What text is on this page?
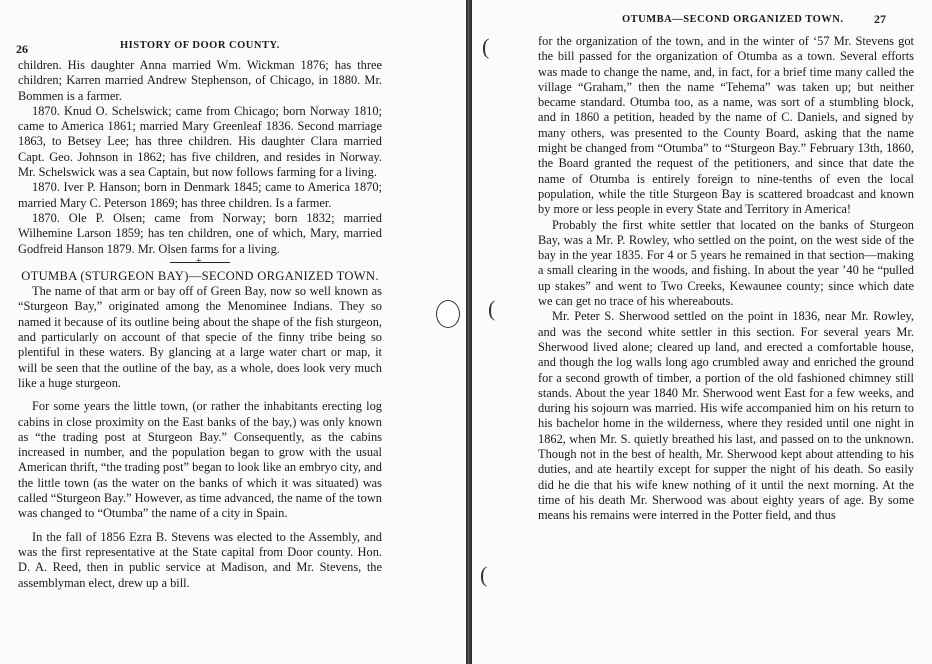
26	HISTORY OF DOOR COUNTY.

children. His daughter Anna married Wm. Wickman 1876; has three children; Karren married Andrew Stephenson, of Chicago, in 1880. Mr. Bommen is a farmer.

1870. Knud O. Schelswick; came from Chicago; born Norway 1810; came to America 1861; married Mary Greenleaf 1836. Second marriage 1863, to Betsey Lee; has three children. His daughter Clara married Capt. Geo. Johnson in 1862; has five children, and resides in Norway. Mr. Schelswick was a sea Captain, but now follows farming for a living.

1870. Iver P. Hanson; born in Denmark 1845; came to America 1870; married Mary C. Peterson 1869; has three children. Is a farmer.

1870. Ole P. Olsen; came from Norway; born 1832; married Wilhemine Larson 1859; has ten children, one of which, Mary, married Godfreid Hanson 1879. Mr. Olsen farms for a living.

+

OTUMBA (STURGEON BAY)—SECOND ORGANIZED TOWN.

The name of that arm or bay off of Green Bay, now so well known as “Sturgeon Bay,” originated among the Menominee Indians. They so named it because of its outline being about the shape of the fish sturgeon, and particularly on account of that specie of the finny tribe being so plentiful in these waters. By glancing at a large water chart or map, it will be seen that the outline of the bay, as a whole, does look very much like a huge sturgeon.

For some years the little town, (or rather the inhabitants erecting log cabins in close proximity on the East banks of the bay,) was only known as “the trading post at Sturgeon Bay.” Consequently, as the cabins increased in number, and the population began to grow with the usual American thrift, “the trading post” began to look like an embryo city, and the little town (as the water on the banks of which it was situated) was called “Sturgeon Bay.” However, as time advanced, the name of the town was changed to “Otumba” the name of a city in Spain.

In the fall of 1856 Ezra B. Stevens was elected to the Assembly, and was the first representative at the State capital from Door county. Hon. D. A. Reed, then in public service at Madison, and Mr. Stevens, the assemblyman elect, drew up a bill.

OTUMBA—SECOND ORGANIZED TOWN.	27
(
(
(

for the organization of the town, and in the winter of ‘57 Mr. Stevens got the bill passed for the organization of Otumba as a town. Several efforts was made to change the name, and, in fact, for a brief time many called the village “Graham,” then the name “Tehema” was taken up; but neither became standard. Otumba too, as a name, was sort of a stumbling block, and in 1860 a petition, headed by the name of C. Daniels, and signed by many others, was presented to the County Board, asking that the name might be changed from “Otumba” to “Sturgeon Bay.” February 13th, 1860, the Board granted the request of the petitioners, and since that date the name of Otumba is entirely foreign to nine-tenths of even the local population, while the title Sturgeon Bay is scattered broadcast and known by more or less people in every State and Territory in America!

Probably the first white settler that located on the banks of Sturgeon Bay, was a Mr. P. Rowley, who settled on the point, on the west side of the bay in the year 1835. For 4 or 5 years he remained in that section—making a small clearing in the woods, and fishing. In about the year ’40 he “pulled up stakes” and went to Two Creeks, Kewaunee county; since which date we can get no trace of his whereabouts.

Mr. Peter S. Sherwood settled on the point in 1836, near Mr. Rowley, and was the second white settler in this section. For several years Mr. Sherwood lived alone; cleared up land, and erected a comfortable house, and though the log walls long ago crumbled away and enriched the ground for a second growth of timber, a portion of the old fashioned chimney still stands. About the year 1840 Mr. Sherwood went East for a few weeks, and during his sojourn was married. His wife accompanied him on his return to his bachelor home in the wilderness, where they resided until one night in 1862, when Mr. S. quietly breathed his last, and passed on to the unknown. Though not in the best of health, Mr. Sherwood kept about attending to his duties, and ate heartily except for supper the night of his death. So easily did he die that his wife knew nothing of it until the next morning. At the time of his death Mr. Sherwood was about eighty years of age. By some means his remains were interred in the Potter field, and thus
